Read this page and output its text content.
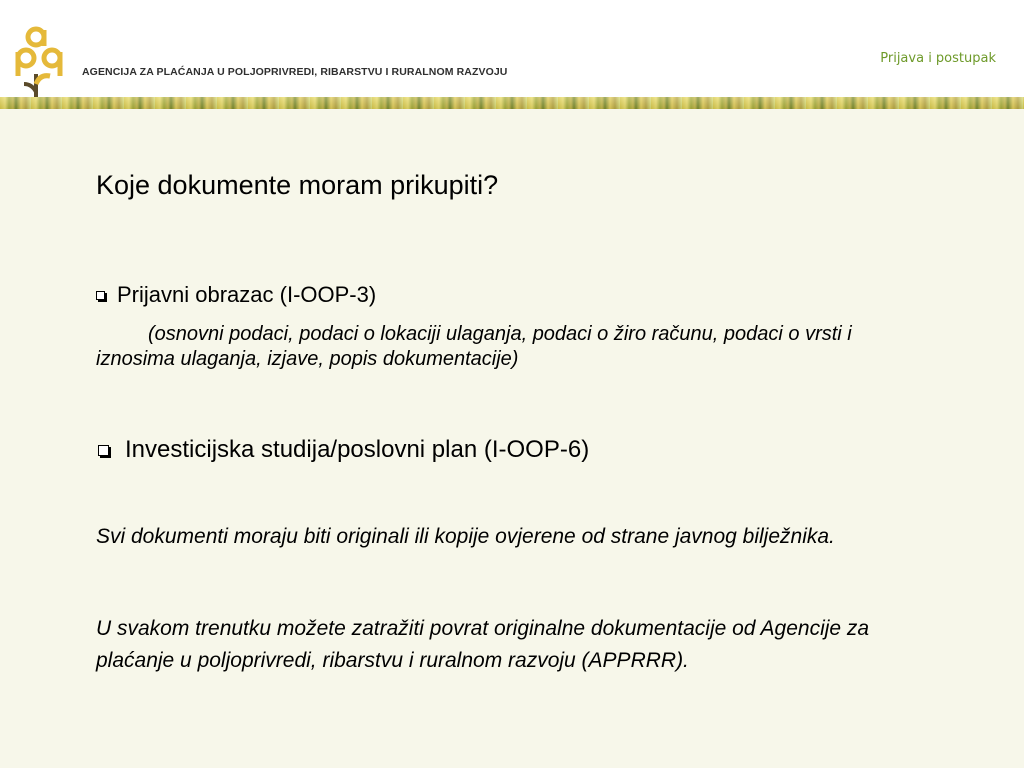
AGENCIJA ZA PLAĆANJA U POLJOPRIVREDI, RIBARSTVU I RURALNOM RAZVOJU
Prijava i postupak
Koje dokumente moram prikupiti?
Prijavni obrazac (I-OOP-3)
(osnovni podaci, podaci o lokaciji ulaganja, podaci o žiro računu, podaci o vrsti i iznosima ulaganja, izjave, popis dokumentacije)
Investicijska studija/poslovni plan (I-OOP-6)
Svi dokumenti moraju biti originali ili kopije ovjerene od strane javnog bilježnika.
U svakom trenutku možete zatražiti povrat originalne dokumentacije od Agencije za plaćanje u poljoprivredi, ribarstvu i ruralnom razvoju (APPRRR).
